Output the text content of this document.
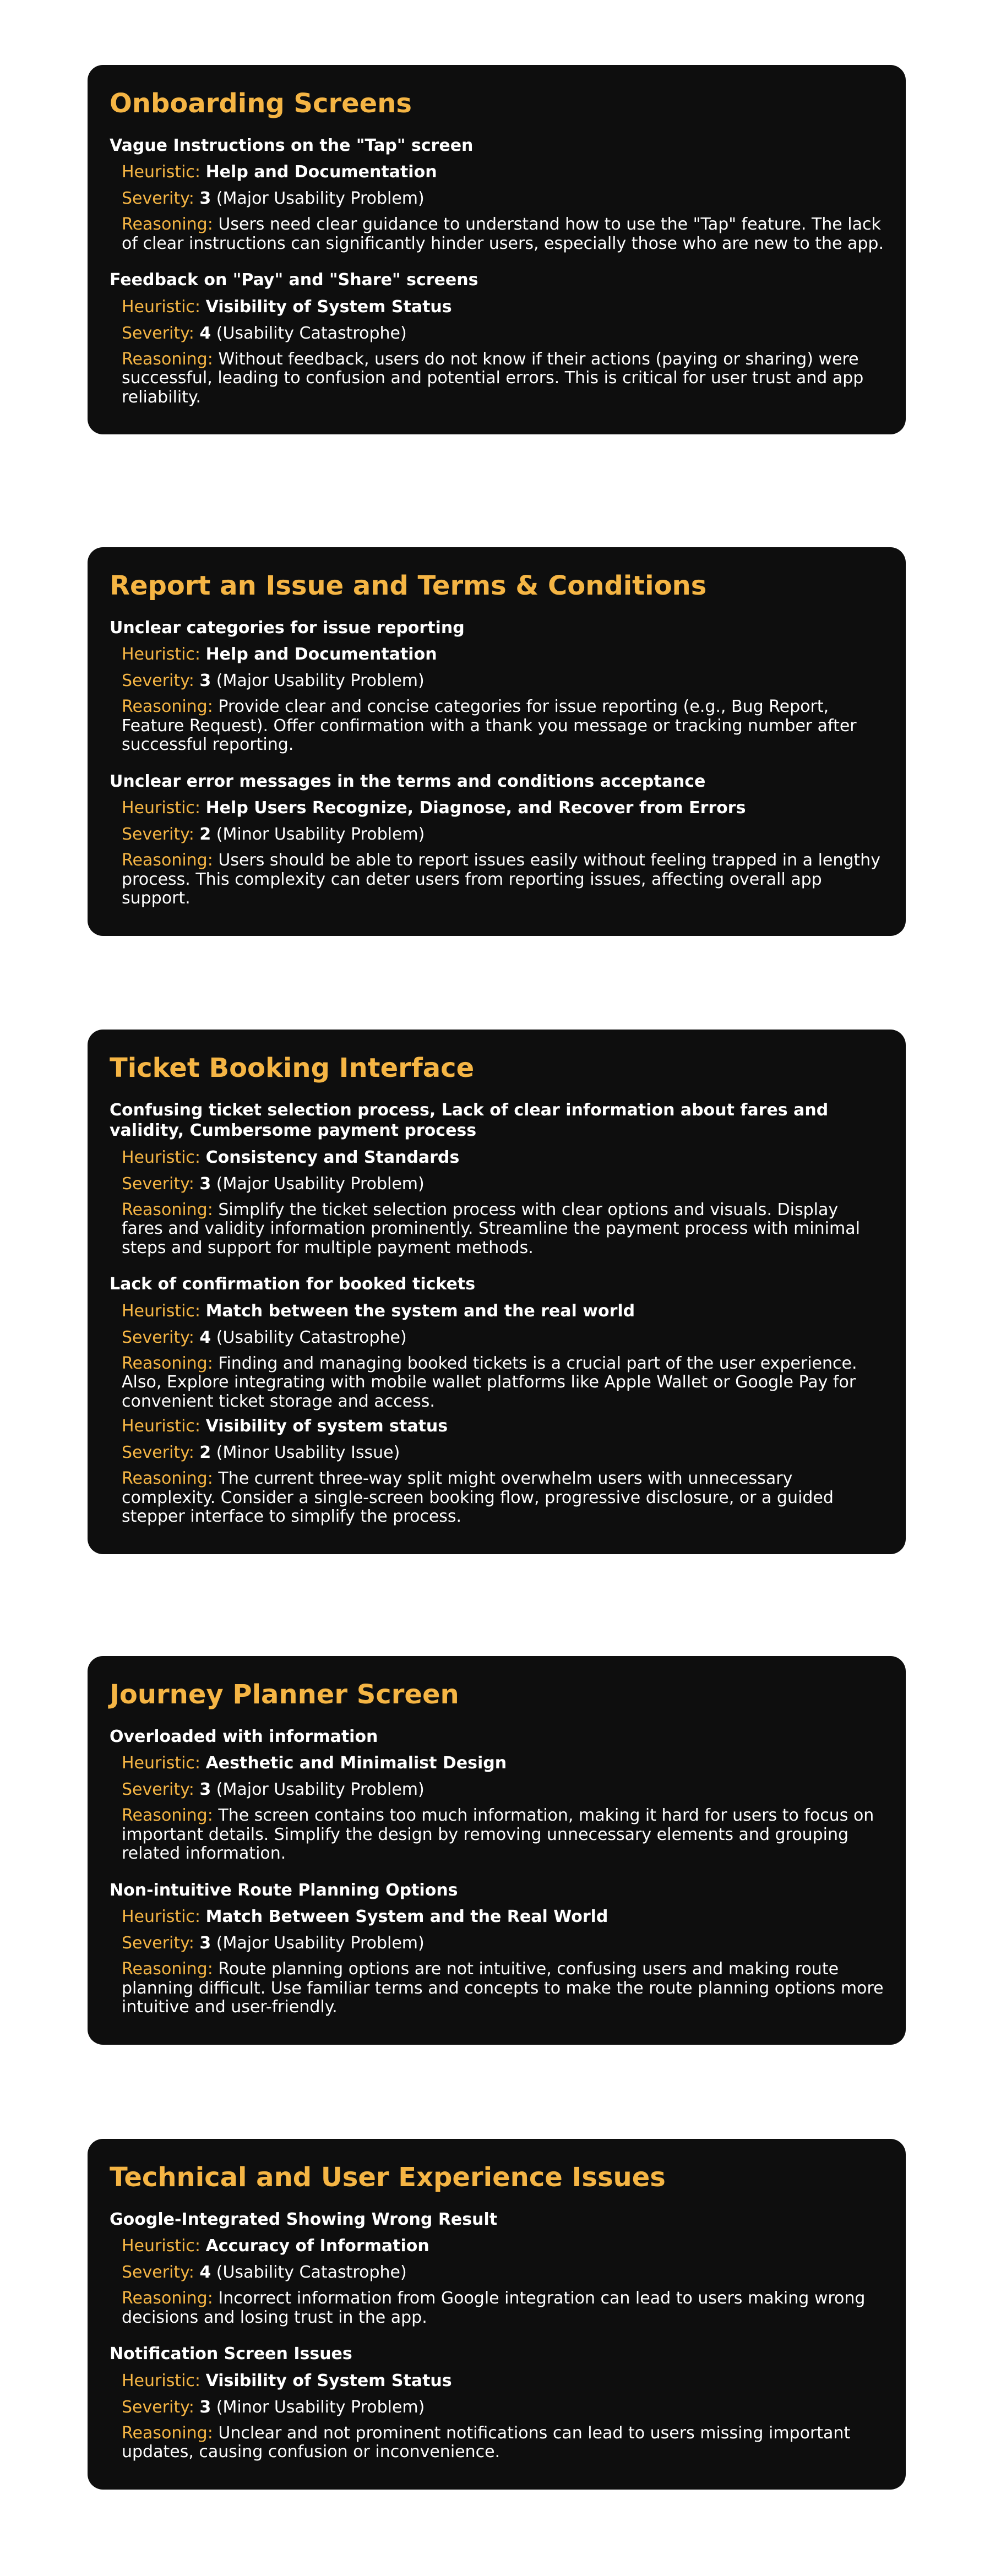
Onboarding Screens
Vague Instructions on the "Tap" screen
Heuristic: Help and Documentation
Severity: 3 (Major Usability Problem)
Reasoning: Users need clear guidance to understand how to use the "Tap" feature. The lack of clear instructions can significantly hinder users, especially those who are new to the app.
Feedback on "Pay" and "Share" screens
Heuristic: Visibility of System Status
Severity: 4 (Usability Catastrophe)
Reasoning: Without feedback, users do not know if their actions (paying or sharing) were successful, leading to confusion and potential errors. This is critical for user trust and app reliability.
Report an Issue and Terms & Conditions
Unclear categories for issue reporting
Heuristic: Help and Documentation
Severity: 3 (Major Usability Problem)
Reasoning: Provide clear and concise categories for issue reporting (e.g., Bug Report, Feature Request). Offer confirmation with a thank you message or tracking number after successful reporting.
Unclear error messages in the terms and conditions acceptance
Heuristic: Help Users Recognize, Diagnose, and Recover from Errors
Severity: 2 (Minor Usability Problem)
Reasoning: Users should be able to report issues easily without feeling trapped in a lengthy process. This complexity can deter users from reporting issues, affecting overall app support.
Ticket Booking Interface
Confusing ticket selection process, Lack of clear information about fares and validity, Cumbersome payment process
Heuristic: Consistency and Standards
Severity: 3 (Major Usability Problem)
Reasoning: Simplify the ticket selection process with clear options and visuals. Display fares and validity information prominently. Streamline the payment process with minimal steps and support for multiple payment methods.
Lack of confirmation for booked tickets
Heuristic: Match between the system and the real world
Severity: 4 (Usability Catastrophe)
Reasoning: Finding and managing booked tickets is a crucial part of the user experience. Also, Explore integrating with mobile wallet platforms like Apple Wallet or Google Pay for convenient ticket storage and access.
Heuristic: Visibility of system status
Severity: 2 (Minor Usability Issue)
Reasoning: The current three-way split might overwhelm users with unnecessary complexity. Consider a single-screen booking flow, progressive disclosure, or a guided stepper interface to simplify the process.
Journey Planner Screen
Overloaded with information
Heuristic: Aesthetic and Minimalist Design
Severity: 3 (Major Usability Problem)
Reasoning: The screen contains too much information, making it hard for users to focus on important details. Simplify the design by removing unnecessary elements and grouping related information.
Non-intuitive Route Planning Options
Heuristic: Match Between System and the Real World
Severity: 3 (Major Usability Problem)
Reasoning: Route planning options are not intuitive, confusing users and making route planning difficult. Use familiar terms and concepts to make the route planning options more intuitive and user-friendly.
Technical and User Experience Issues
Google-Integrated Showing Wrong Result
Heuristic: Accuracy of Information
Severity: 4 (Usability Catastrophe)
Reasoning: Incorrect information from Google integration can lead to users making wrong decisions and losing trust in the app.
Notification Screen Issues
Heuristic: Visibility of System Status
Severity: 3 (Minor Usability Problem)
Reasoning: Unclear and not prominent notifications can lead to users missing important updates, causing confusion or inconvenience.
